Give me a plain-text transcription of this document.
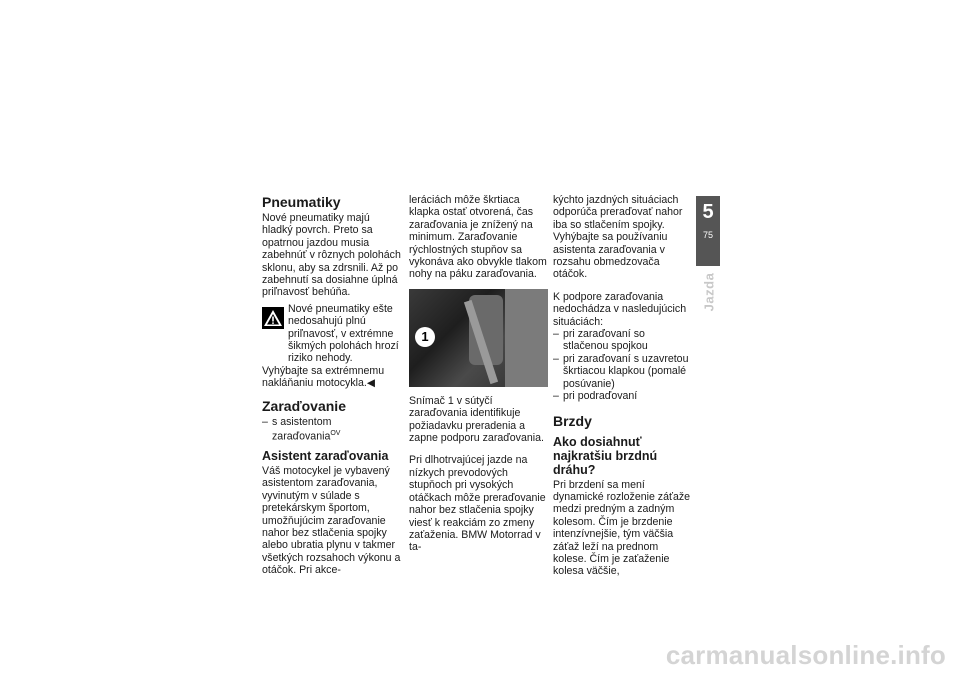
Pneumatiky

Nové pneumatiky majú hladký povrch. Preto sa opatrnou jazdou musia zabehnúť v rôznych polohách sklonu, aby sa zdrsnili. Až po zabehnutí sa dosiahne úplná priľnavosť behúňa.

Nové pneumatiky ešte nedosahujú plnú priľnavosť, v extrémne šikmých polohách hrozí riziko nehody.

Vyhýbajte sa extrémnemu nakláňaniu motocykla.◀

Zaraďovanie
– s asistentom zaraďovania$^{OV}$
Asistent zaraďovania

Váš motocykel je vybavený asistentom zaraďovania, vyvinutým v súlade s pretekárskym športom, umožňujúcim zaraďovanie nahor bez stlačenia spojky alebo ubratia plynu v takmer všetkých rozsahoch výkonu a otáčok. Pri akce-

leráciách môže škrtiaca klapka ostať otvorená, čas zaraďovania je znížený na minimum. Zaraďovanie rýchlostných stupňov sa vykonáva ako obvykle tlakom nohy na páku zaraďovania.

1

Snímač 1 v sútyčí zaraďovania identifikuje požiadavku preradenia a zapne podporu zaraďovania.

Pri dlhotrvajúcej jazde na nízkych prevodových stupňoch pri vysokých otáčkach môže preraďovanie nahor bez stlačenia spojky viesť k reakciám zo zmeny zaťaženia. BMW Motorrad v ta-

kýchto jazdných situáciach odporúča preraďovať nahor iba so stlačením spojky. Vyhýbajte sa používaniu asistenta zaraďovania v rozsahu obmedzovača otáčok.

K podpore zaraďovania nedochádza v nasledujúcich situáciách:

– pri zaraďovaní so stlačenou spojkou
– pri zaraďovaní s uzavretou škrtiacou klapkou (pomalé posúvanie)
– pri podraďovaní
Brzdy
Ako dosiahnuť najkratšiu brzdnú dráhu?

Pri brzdení sa mení dynamické rozloženie záťaže medzi predným a zadným kolesom. Čím je brzdenie intenzívnejšie, tým väčšia záťaž leží na prednom kolese. Čím je zaťaženie kolesa väčšie,

5
75
Jazda
carmanualsonline.info
